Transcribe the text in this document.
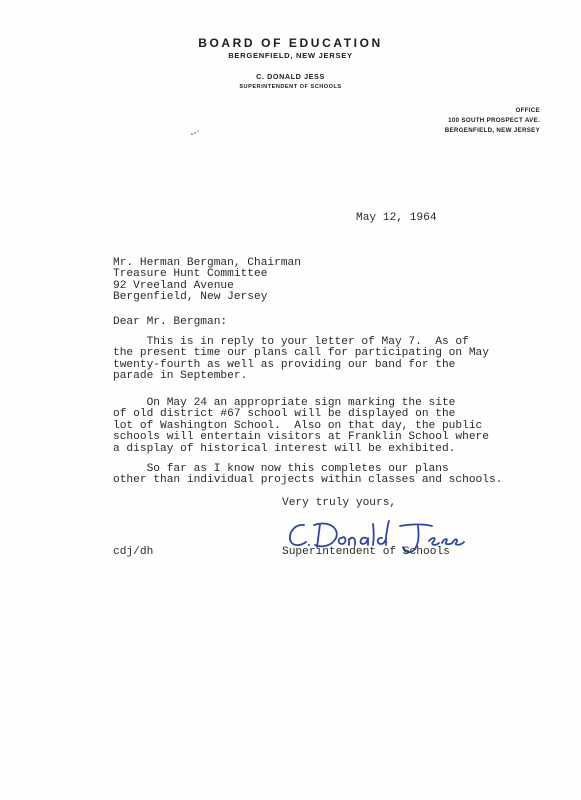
BOARD OF EDUCATION
BERGENFIELD, NEW JERSEY
C. DONALD JESS
SUPERINTENDENT OF SCHOOLS
OFFICE
100 SOUTH PROSPECT AVE.
BERGENFIELD, NEW JERSEY
May 12, 1964
Mr. Herman Bergman, Chairman
Treasure Hunt Committee
92 Vreeland Avenue
Bergenfield, New Jersey
Dear Mr. Bergman:
This is in reply to your letter of May 7.  As of
the present time our plans call for participating on May
twenty-fourth as well as providing our band for the
parade in September.
On May 24 an appropriate sign marking the site
of old district #67 school will be displayed on the
lot of Washington School.  Also on that day, the public
schools will entertain visitors at Franklin School where
a display of historical interest will be exhibited.
So far as I know now this completes our plans
other than individual projects within classes and schools.
Very truly yours,
Superintendent of Schools
cdj/dh
